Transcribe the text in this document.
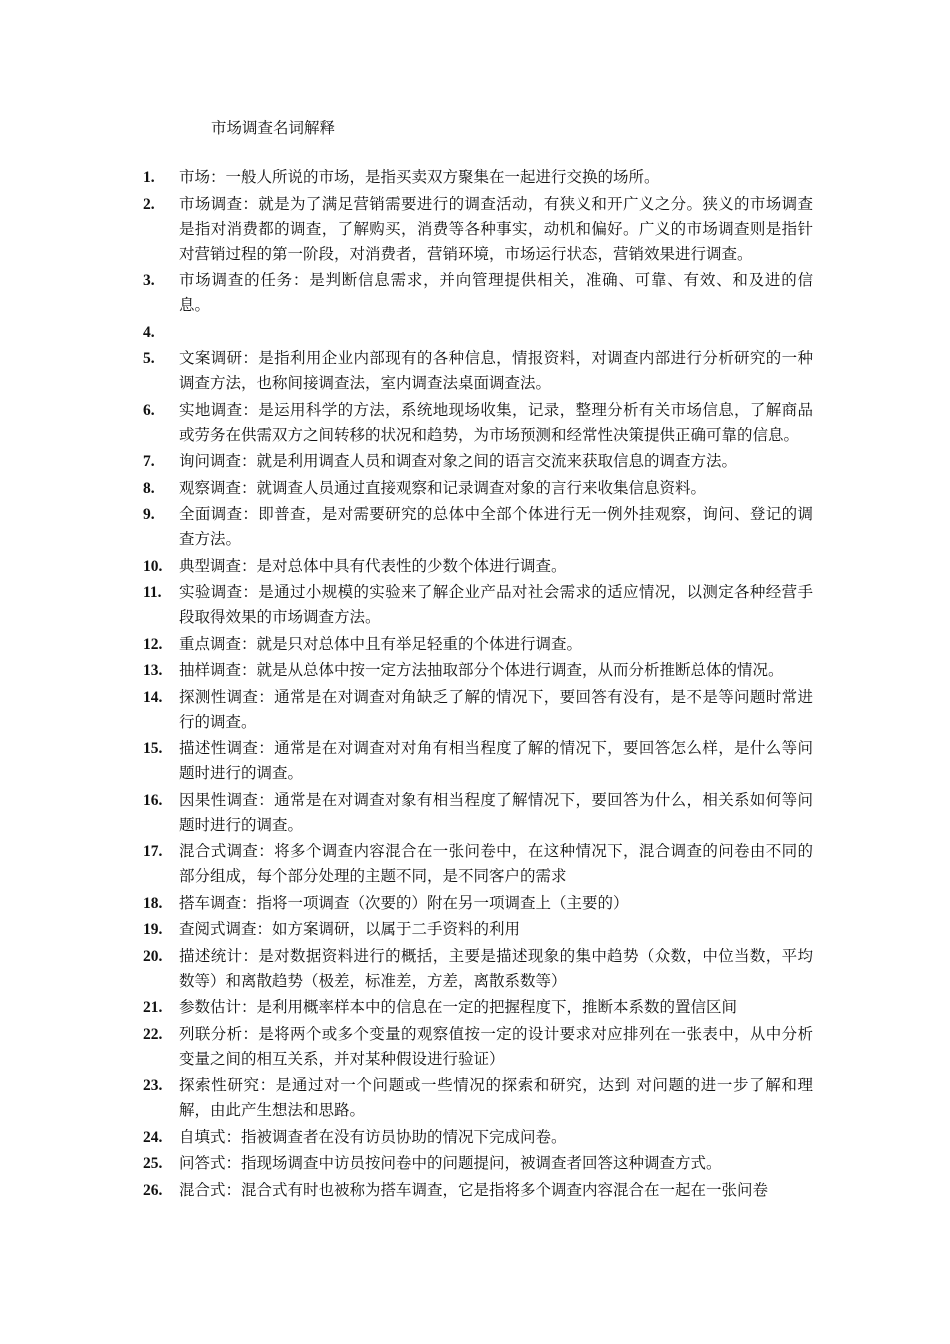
市场调查名词解释
1. 市场：一般人所说的市场，是指买卖双方聚集在一起进行交换的场所。
2. 市场调查：就是为了满足营销需要进行的调查活动，有狭义和开广义之分。狭义的市场调查是指对消费都的调查，了解购买，消费等各种事实，动机和偏好。广义的市场调查则是指针对营销过程的第一阶段，对消费者，营销环境，市场运行状态，营销效果进行调查。
3. 市场调查的任务：是判断信息需求，并向管理提供相关，准确、可靠、有效、和及进的信息。
4.
5. 文案调研：是指利用企业内部现有的各种信息，情报资料，对调查内部进行分析研究的一种调查方法，也称间接调查法，室内调查法桌面调查法。
6. 实地调查：是运用科学的方法，系统地现场收集，记录，整理分析有关市场信息，了解商品或劳务在供需双方之间转移的状况和趋势，为市场预测和经常性决策提供正确可靠的信息。
7. 询问调查：就是利用调查人员和调查对象之间的语言交流来获取信息的调查方法。
8. 观察调查：就调查人员通过直接观察和记录调查对象的言行来收集信息资料。
9. 全面调查：即普查，是对需要研究的总体中全部个体进行无一例外挂观察，询问、登记的调查方法。
10. 典型调查：是对总体中具有代表性的少数个体进行调查。
11. 实验调查：是通过小规模的实验来了解企业产品对社会需求的适应情况，以测定各种经营手段取得效果的市场调查方法。
12. 重点调查：就是只对总体中且有举足轻重的个体进行调查。
13. 抽样调查：就是从总体中按一定方法抽取部分个体进行调查，从而分析推断总体的情况。
14. 探测性调查：通常是在对调查对角缺乏了解的情况下，要回答有没有，是不是等问题时常进行的调查。
15. 描述性调查：通常是在对调查对对角有相当程度了解的情况下，要回答怎么样，是什么等问题时进行的调查。
16. 因果性调查：通常是在对调查对象有相当程度了解情况下，要回答为什么，相关系如何等问题时进行的调查。
17. 混合式调查：将多个调查内容混合在一张问卷中，在这种情况下，混合调查的问卷由不同的部分组成，每个部分处理的主题不同，是不同客户的需求
18. 搭车调查：指将一项调查（次要的）附在另一项调查上（主要的）
19. 查阅式调查：如方案调研，以属于二手资料的利用
20. 描述统计：是对数据资料进行的概括，主要是描述现象的集中趋势（众数，中位当数，平均数等）和离散趋势（极差，标准差，方差，离散系数等）
21. 参数估计：是利用概率样本中的信息在一定的把握程度下，推断本系数的置信区间
22. 列联分析：是将两个或多个变量的观察值按一定的设计要求对应排列在一张表中，从中分析变量之间的相互关系，并对某种假设进行验证）
23. 探索性研究：是通过对一个问题或一些情况的探索和研究，达到 对问题的进一步了解和理解，由此产生想法和思路。
24. 自填式：指被调查者在没有访员协助的情况下完成问卷。
25. 问答式：指现场调查中访员按问卷中的问题提问，被调查者回答这种调查方式。
26. 混合式：混合式有时也被称为搭车调查，它是指将多个调查内容混合在一起在一张问卷
